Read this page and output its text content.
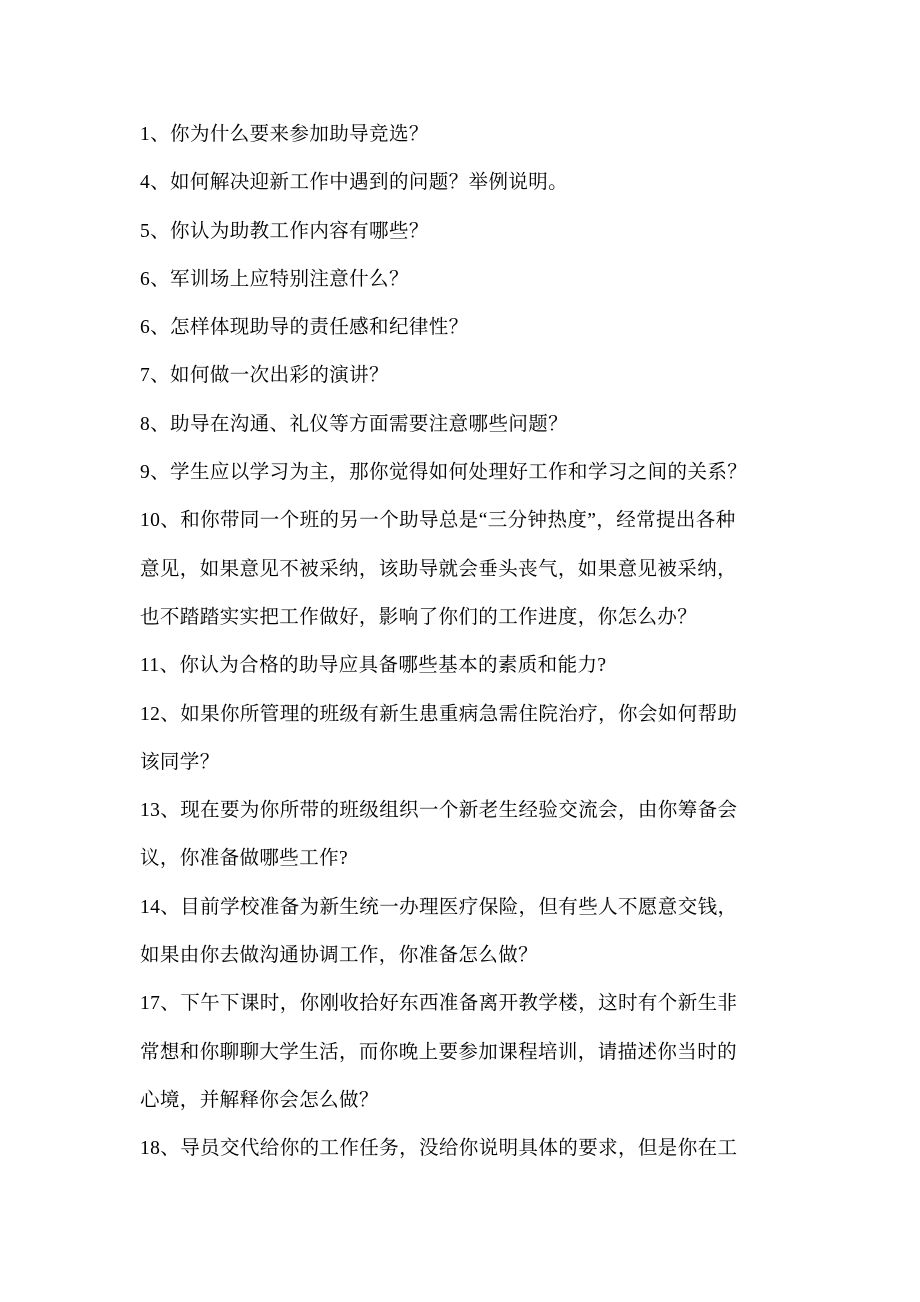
1、你为什么要来参加助导竞选？
4、如何解决迎新工作中遇到的问题？举例说明。
5、你认为助教工作内容有哪些？
6、军训场上应特别注意什么？
6、怎样体现助导的责任感和纪律性？
7、如何做一次出彩的演讲？
8、助导在沟通、礼仪等方面需要注意哪些问题？
9、学生应以学习为主，那你觉得如何处理好工作和学习之间的关系？
10、和你带同一个班的另一个助导总是“三分钟热度”，经常提出各种
意见，如果意见不被采纳，该助导就会垂头丧气，如果意见被采纳，
也不踏踏实实把工作做好，影响了你们的工作进度，你怎么办？
11、你认为合格的助导应具备哪些基本的素质和能力?
12、如果你所管理的班级有新生患重病急需住院治疗，你会如何帮助
该同学？
13、现在要为你所带的班级组织一个新老生经验交流会，由你筹备会
议，你准备做哪些工作?
14、目前学校准备为新生统一办理医疗保险，但有些人不愿意交钱，
如果由你去做沟通协调工作，你准备怎么做？
17、下午下课时，你刚收拾好东西准备离开教学楼，这时有个新生非
常想和你聊聊大学生活，而你晚上要参加课程培训，请描述你当时的
心境，并解释你会怎么做？
18、导员交代给你的工作任务，没给你说明具体的要求，但是你在工
